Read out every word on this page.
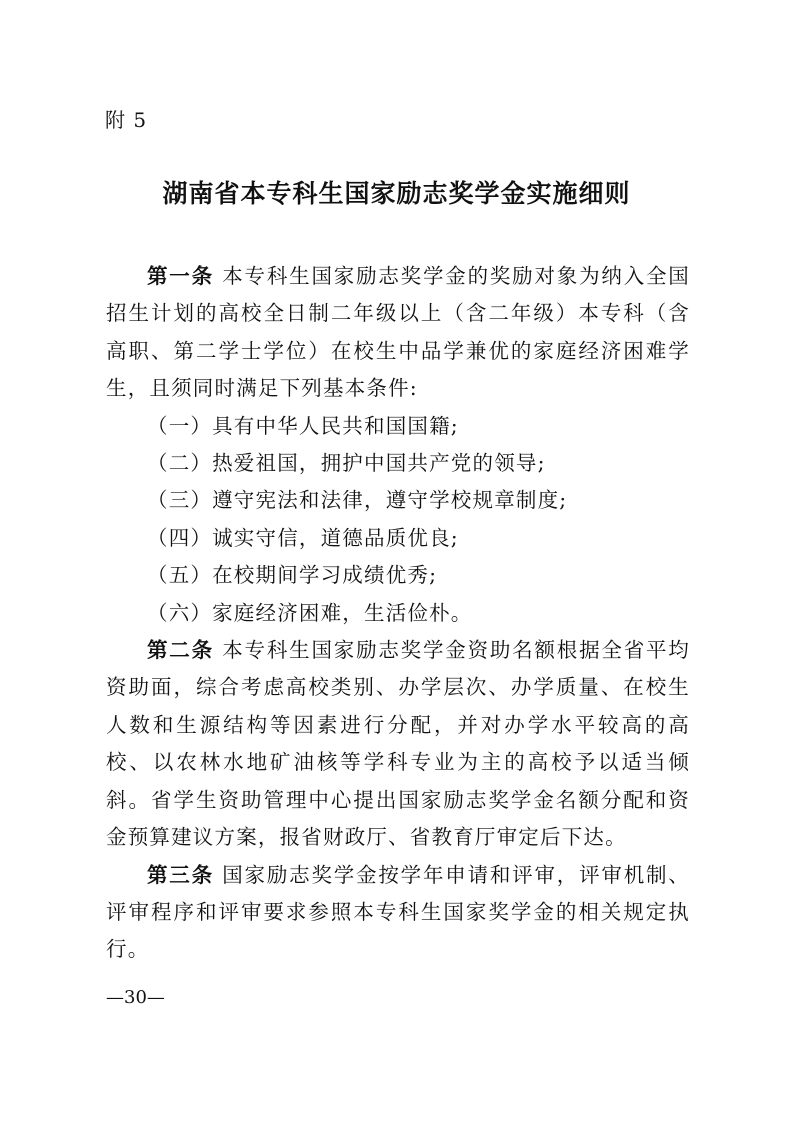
附 5
湖南省本专科生国家励志奖学金实施细则

第一条 本专科生国家励志奖学金的奖励对象为纳入全国招生计划的高校全日制二年级以上（含二年级）本专科（含高职、第二学士学位）在校生中品学兼优的家庭经济困难学生，且须同时满足下列基本条件:

（一）具有中华人民共和国国籍;

（二）热爱祖国，拥护中国共产党的领导;

（三）遵守宪法和法律，遵守学校规章制度;

（四）诚实守信，道德品质优良;

（五）在校期间学习成绩优秀;

（六）家庭经济困难，生活俭朴。

第二条 本专科生国家励志奖学金资助名额根据全省平均资助面，综合考虑高校类别、办学层次、办学质量、在校生人数和生源结构等因素进行分配，并对办学水平较高的高校、以农林水地矿油核等学科专业为主的高校予以适当倾斜。省学生资助管理中心提出国家励志奖学金名额分配和资金预算建议方案，报省财政厅、省教育厅审定后下达。

第三条 国家励志奖学金按学年申请和评审，评审机制、评审程序和评审要求参照本专科生国家奖学金的相关规定执行。

—30—
